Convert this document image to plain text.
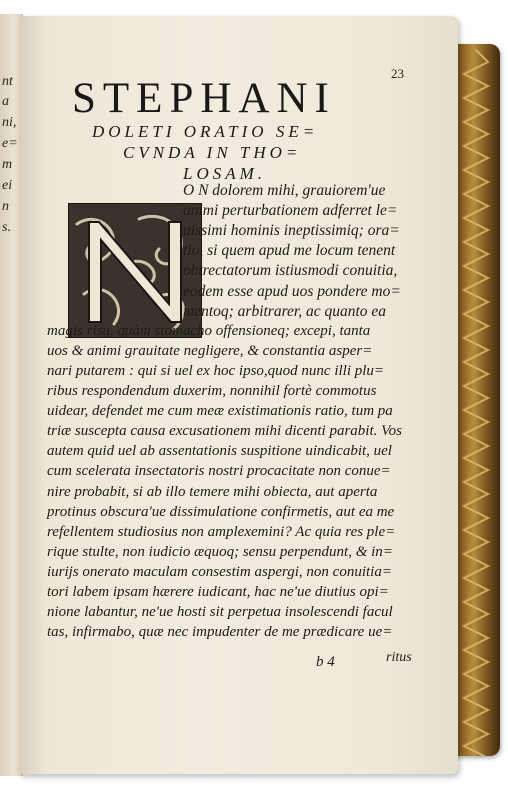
nt
a
ni,
e=
m
ei
n
s.
23
STEPHANI
DOLETI ORATIO SE=
CVNDA IN THO=
LOSAM.
O N dolorem mihi, grauiorem'ue
animi perturbationem adferret le=
uissimi hominis ineptissimiq; ora=
tio, si quem apud me locum tenent
obtrectatorum istiusmodi conuitia,
eodem esse apud uos pondere mo=
mentoq; arbitrarer, ac quanto ea
magis risu, quàm stomacho offensioneq; excepi, tanta
uos & animi grauitate negligere, & constantia asper=
nari putarem : qui si uel ex hoc ipso,quod nunc illi plu=
ribus respondendum duxerim, nonnihil fortè commotus
uidear, defendet me cum meæ existimationis ratio, tum pa
triæ suscepta causa excusationem mihi dicenti parabit. Vos
autem quid uel ab assentationis suspitione uindicabit, uel
cum scelerata insectatoris nostri procacitate non conue=
nire probabit, si ab illo temere mihi obiecta, aut aperta
protinus obscura'ue dissimulatione confirmetis, aut ea me
refellentem studiosius non amplexemini? Ac quia res ple=
rique stulte, non iudicio æquoq; sensu perpendunt, & in=
iurijs onerato maculam consestim aspergi, non conuitia=
tori labem ipsam hærere iudicant, hac ne'ue diutius opi=
nione labantur, ne'ue hosti sit perpetua insolescendi facul
tas, infirmabo, quæ nec impudenter de me prædicare ue=
b 4	ritus
